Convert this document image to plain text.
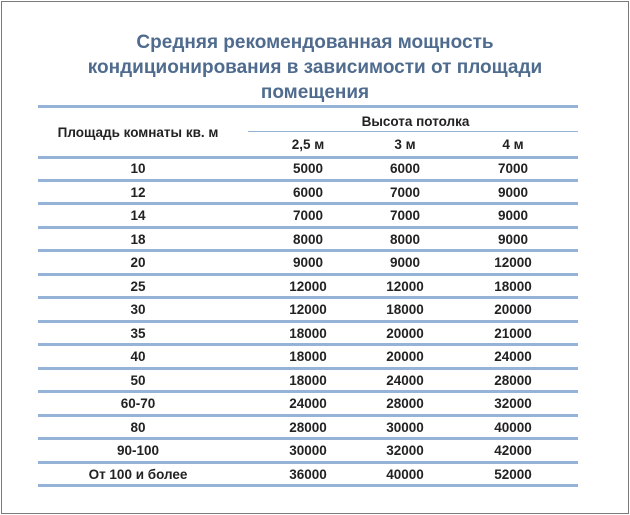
Средняя рекомендованная мощность
кондиционирования в зависимости от площади
помещения
Площадь комнаты кв. м
Высота потолка
2,5 м	3 м	4 м
10	5000	6000	7000
12	6000	7000	9000
14	7000	7000	9000
18	8000	8000	9000
20	9000	9000	12000
25	12000	12000	18000
30	12000	18000	20000
35	18000	20000	21000
40	18000	20000	24000
50	18000	24000	28000
60-70	24000	28000	32000
80	28000	30000	40000
90-100	30000	32000	42000
От 100 и более	36000	40000	52000
